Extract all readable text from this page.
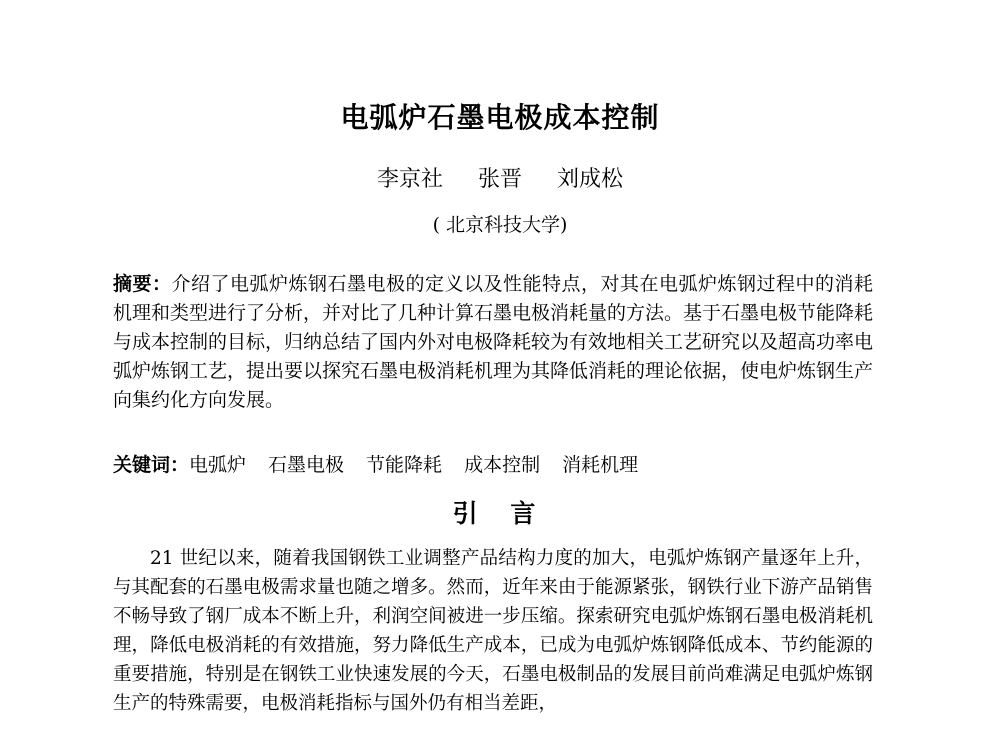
电弧炉石墨电极成本控制
李京社 张晋 刘成松
( 北京科技大学)
摘要：介绍了电弧炉炼钢石墨电极的定义以及性能特点，对其在电弧炉炼钢过程中的消耗机理和类型进行了分析，并对比了几种计算石墨电极消耗量的方法。基于石墨电极节能降耗与成本控制的目标，归纳总结了国内外对电极降耗较为有效地相关工艺研究以及超高功率电弧炉炼钢工艺，提出要以探究石墨电极消耗机理为其降低消耗的理论依据，使电炉炼钢生产向集约化方向发展。
关键词：电弧炉 石墨电极 节能降耗 成本控制 消耗机理
引 言
21 世纪以来，随着我国钢铁工业调整产品结构力度的加大，电弧炉炼钢产量逐年上升，与其配套的石墨电极需求量也随之增多。然而，近年来由于能源紧张，钢铁行业下游产品销售不畅导致了钢厂成本不断上升，利润空间被进一步压缩。探索研究电弧炉炼钢石墨电极消耗机理，降低电极消耗的有效措施，努力降低生产成本，已成为电弧炉炼钢降低成本、节约能源的重要措施，特别是在钢铁工业快速发展的今天，石墨电极制品的发展目前尚难满足电弧炉炼钢生产的特殊需要，电极消耗指标与国外仍有相当差距，
